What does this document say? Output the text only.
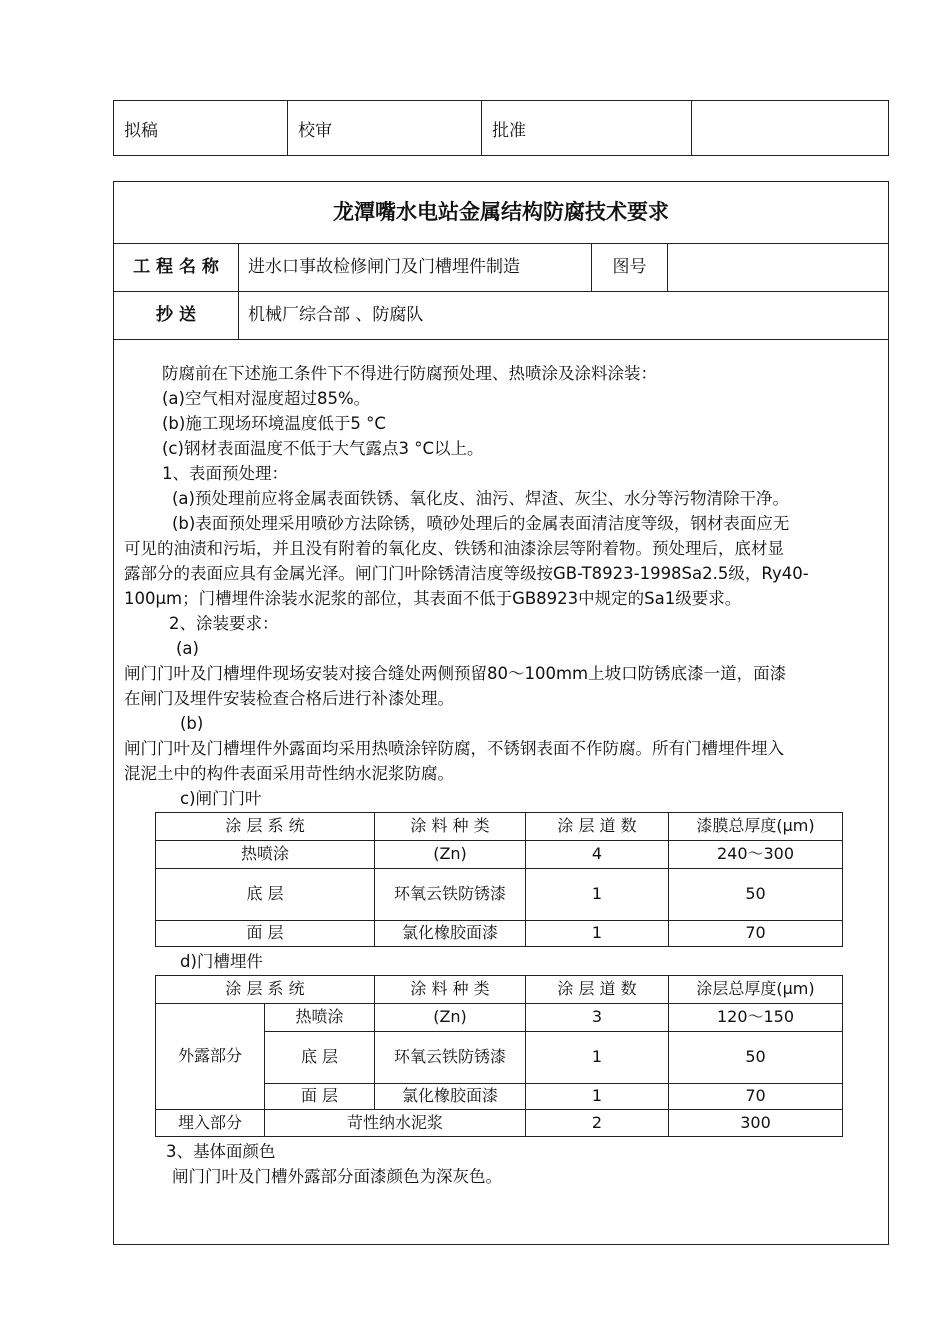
拟稿	校审	批准	
龙潭嘴水电站金属结构防腐技术要求
工 程 名 称	进水口事故检修闸门及门槽埋件制造	图号
抄 送	机械厂综合部 、防腐队
防腐前在下述施工条件下不得进行防腐预处理、热喷涂及涂料涂装：
(a)空气相对湿度超过85%。
(b)施工现场环境温度低于5 °C
(c)钢材表面温度不低于大气露点3 °C以上。
1、表面预处理：
(a)预处理前应将金属表面铁锈、氧化皮、油污、焊渣、灰尘、水分等污物清除干净。
(b)表面预处理采用喷砂方法除锈，喷砂处理后的金属表面清洁度等级，钢材表面应无
可见的油渍和污垢，并且没有附着的氧化皮、铁锈和油漆涂层等附着物。预处理后，底材显
露部分的表面应具有金属光泽。闸门门叶除锈清洁度等级按GB-T8923-1998Sa2.5级，Ry40-
100μm；门槽埋件涂装水泥浆的部位，其表面不低于GB8923中规定的Sa1级要求。
2、涂装要求：
(a)
闸门门叶及门槽埋件现场安装对接合缝处两侧预留80～100mm上坡口防锈底漆一道，面漆
在闸门及埋件安装检查合格后进行补漆处理。
(b)
闸门门叶及门槽埋件外露面均采用热喷涂锌防腐，不锈钢表面不作防腐。所有门槽埋件埋入
混泥土中的构件表面采用苛性纳水泥浆防腐。
c)闸门门叶
涂 层 系 统	涂 料 种 类	涂 层 道 数	漆膜总厚度(μm)
热喷涂	(Zn)	4	240～300
底 层	环氧云铁防锈漆	1	50
面 层	氯化橡胶面漆	1	70
d)门槽埋件
涂 层 系 统		涂 料 种 类	涂 层 道 数	涂层总厚度(μm)
外露部分	热喷涂	(Zn)	3	120～150
	底 层	环氧云铁防锈漆	1	50
	面 层	氯化橡胶面漆	1	70
埋入部分	苛性纳水泥浆		2	300
3、基体面颜色
闸门门叶及门槽外露部分面漆颜色为深灰色。
